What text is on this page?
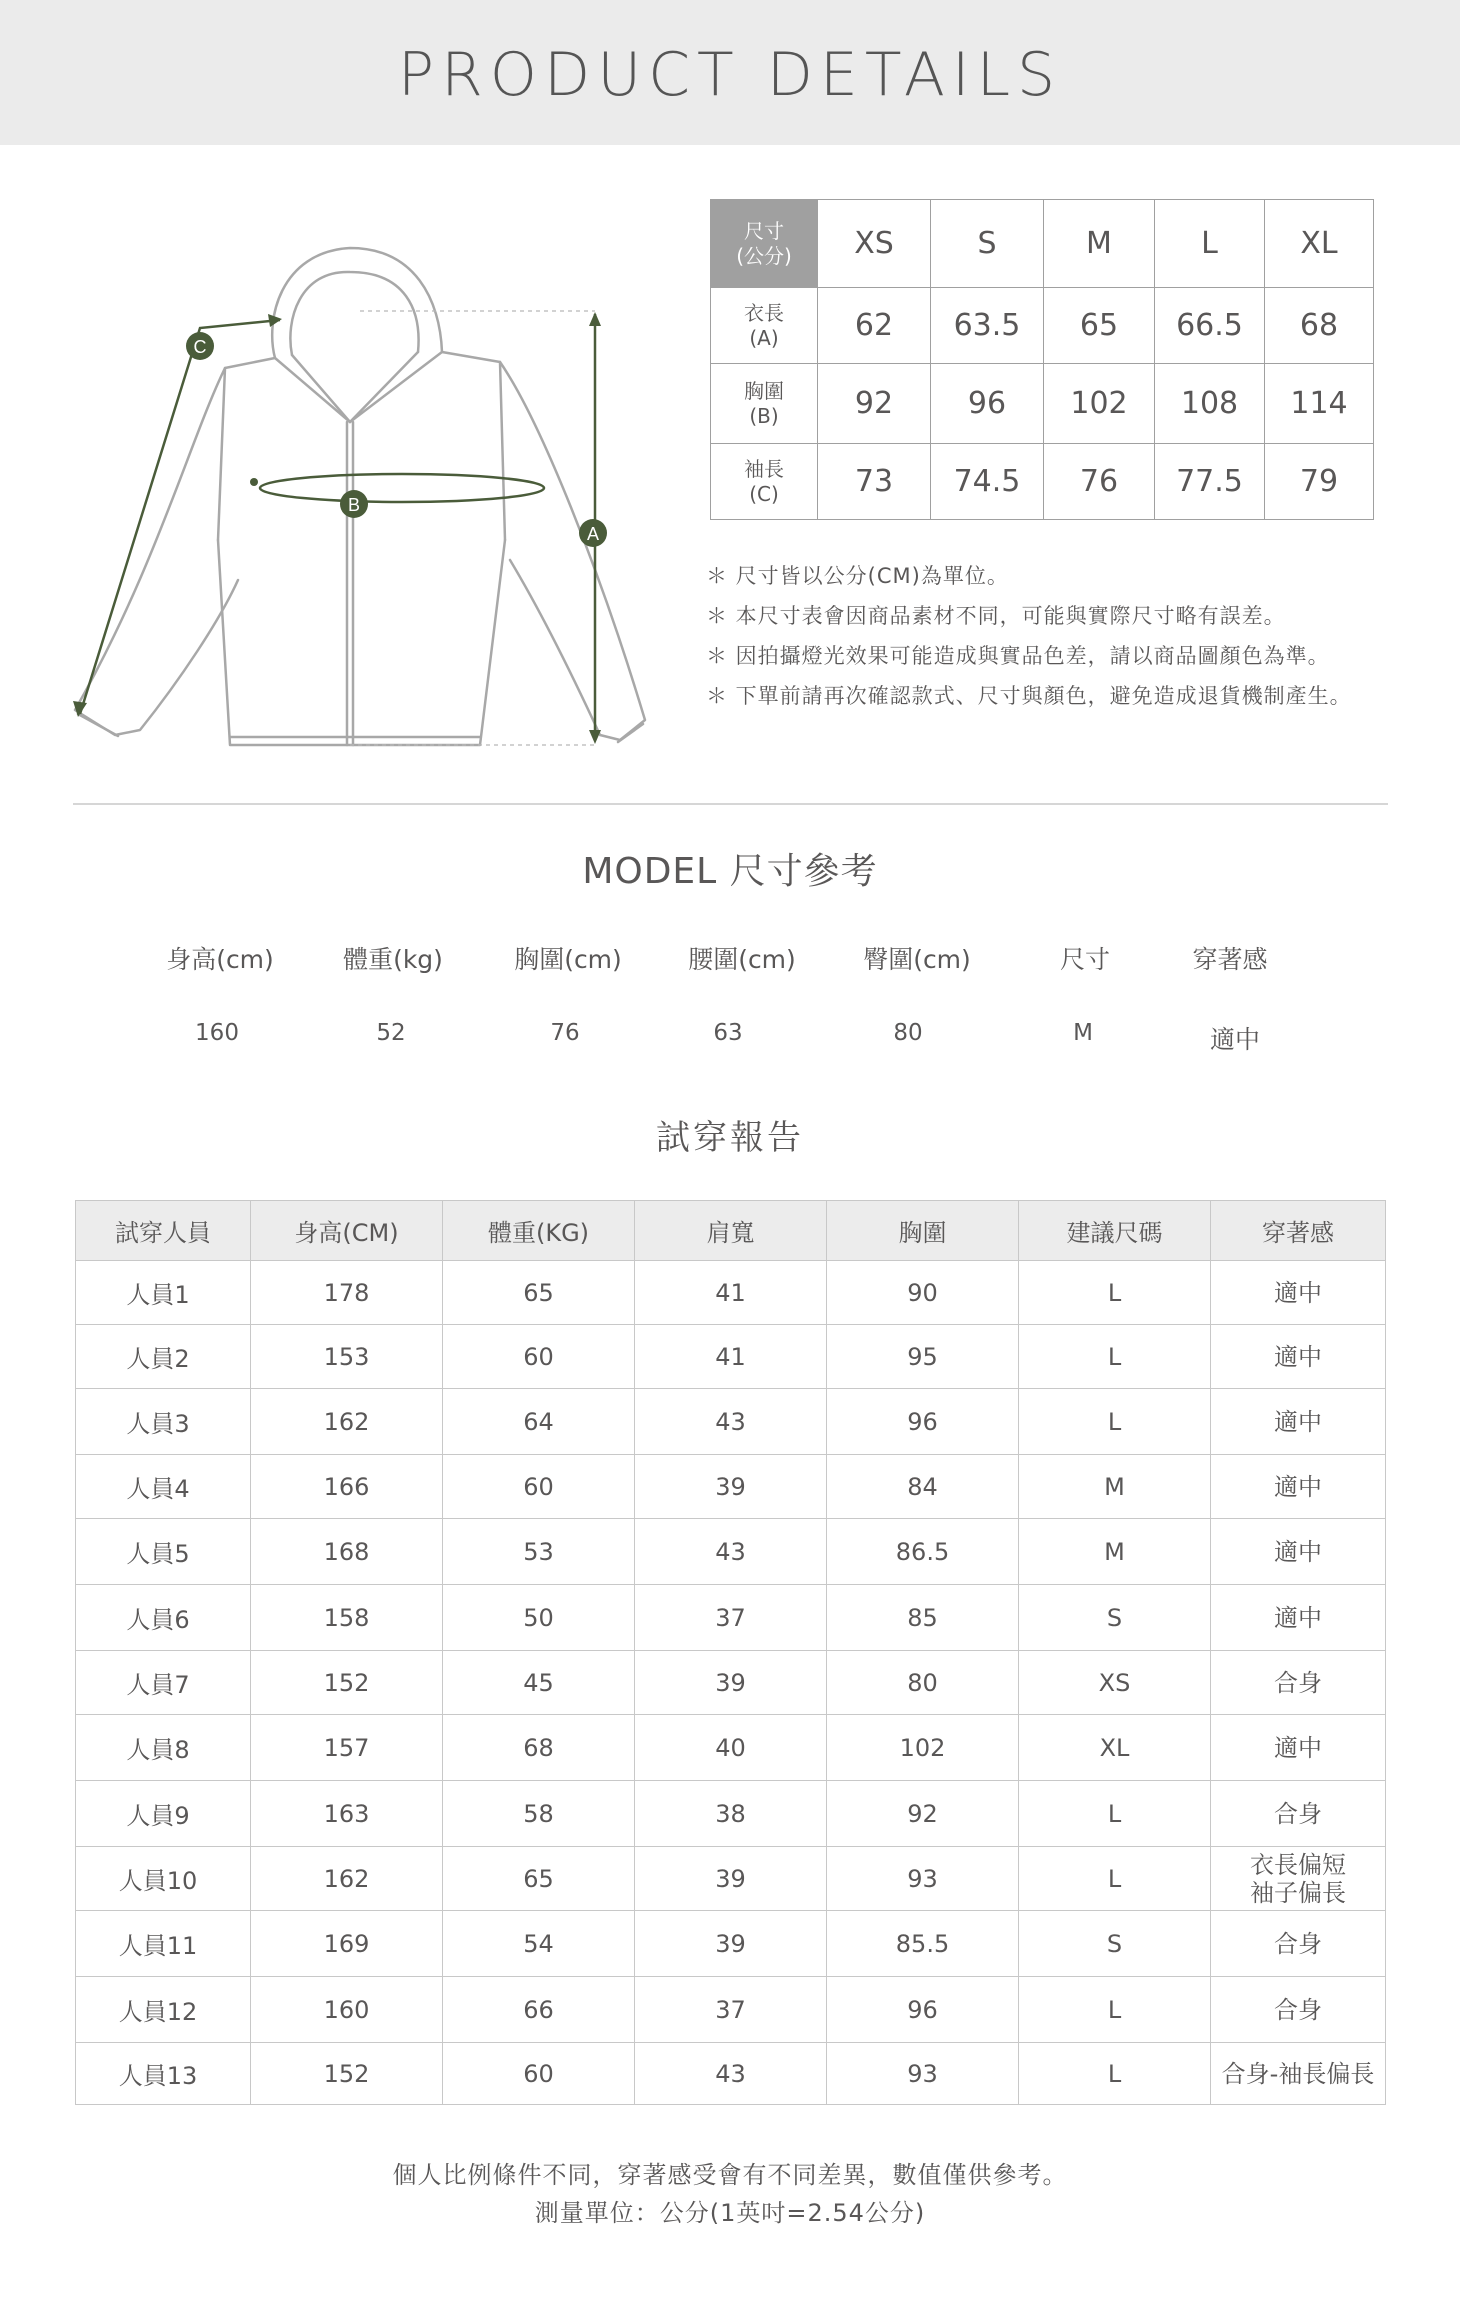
PRODUCT DETAILS
A
B
C
尺寸
(公分)	XS	S	M	L	XL

衣長
(A)	62	63.5	65	66.5	68

胸圍
(B)	92	96	102	108	114

袖長
(C)	73	74.5	76	77.5	79
＊ 尺寸皆以公分(CM)為單位。
＊ 本尺寸表會因商品素材不同，可能與實際尺寸略有誤差。
＊ 因拍攝燈光效果可能造成與實品色差，請以商品圖顏色為準。
＊ 下單前請再次確認款式、尺寸與顏色，避免造成退貨機制產生。
MODEL 尺寸參考
身高(cm)	體重(kg)	胸圍(cm)	腰圍(cm)	臀圍(cm)	尺寸	穿著感
160	52	76	63	80	M	適中
試穿報告
試穿人員	身高(CM)	體重(KG)	肩寬	胸圍	建議尺碼	穿著感
人員1	178	65	41	90	L	適中
人員2	153	60	41	95	L	適中
人員3	162	64	43	96	L	適中
人員4	166	60	39	84	M	適中
人員5	168	53	43	86.5	M	適中
人員6	158	50	37	85	S	適中
人員7	152	45	39	80	XS	合身
人員8	157	68	40	102	XL	適中
人員9	163	58	38	92	L	合身
人員10	162	65	39	93	L	衣長偏短
袖子偏長
人員11	169	54	39	85.5	S	合身
人員12	160	66	37	96	L	合身
人員13	152	60	43	93	L	合身-袖長偏長
個人比例條件不同，穿著感受會有不同差異，數值僅供參考。
測量單位：公分(1英吋=2.54公分)
